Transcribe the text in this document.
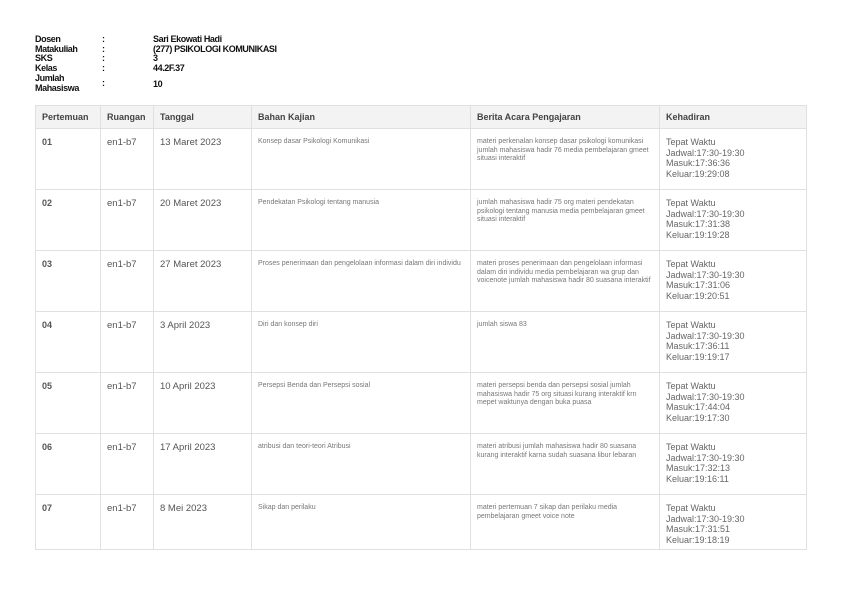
Dosen	:	Sari Ekowati Hadi
Matakuliah	:	(277) PSIKOLOGI KOMUNIKASI
SKS	:	3
Kelas	:	44.2F.37
Jumlah Mahasiswa	:	10
Pertemuan	Ruangan	Tanggal	Bahan Kajian	Berita Acara Pengajaran	Kehadiran
01	en1-b7	13 Maret 2023	Konsep dasar Psikologi Komunikasi	materi perkenalan konsep dasar psikologi komunikasi jumlah mahasiswa hadir 76 media pembelajaran gmeet situasi interaktif	Tepat Waktu
Jadwal:17:30-19:30
Masuk:17:36:36
Keluar:19:29:08

02	en1-b7	20 Maret 2023	Pendekatan Psikologi tentang manusia	jumlah mahasiswa hadir 75 org materi pendekatan psikologi tentang manusia media pembelajaran gmeet situasi interaktif	Tepat Waktu
Jadwal:17:30-19:30
Masuk:17:31:38
Keluar:19:19:28

03	en1-b7	27 Maret 2023	Proses penerimaan dan pengelolaan informasi dalam diri individu	materi proses penerimaan dan pengelolaan informasi dalam diri individu media pembelajaran wa grup dan voicenote jumlah mahasiswa hadir 80 suasana interaktif	Tepat Waktu
Jadwal:17:30-19:30
Masuk:17:31:06
Keluar:19:20:51

04	en1-b7	3 April 2023	Diri dan konsep diri	jumlah siswa 83	Tepat Waktu
Jadwal:17:30-19:30
Masuk:17:36:11
Keluar:19:19:17

05	en1-b7	10 April 2023	Persepsi Benda dan Persepsi sosial	materi persepsi benda dan persepsi sosial jumlah mahasiswa hadir 75 org situasi kurang interaktif krn mepet waktunya dengan buka puasa	Tepat Waktu
Jadwal:17:30-19:30
Masuk:17:44:04
Keluar:19:17:30

06	en1-b7	17 April 2023	atribusi dan teori-teori Atribusi	materi atribusi jumlah mahasiswa hadir 80 suasana kurang interaktif karna sudah suasana libur lebaran	Tepat Waktu
Jadwal:17:30-19:30
Masuk:17:32:13
Keluar:19:16:11

07	en1-b7	8 Mei 2023	Sikap dan perilaku	materi pertemuan 7 sikap dan perilaku media pembelajaran gmeet voice note	Tepat Waktu
Jadwal:17:30-19:30
Masuk:17:31:51
Keluar:19:18:19
